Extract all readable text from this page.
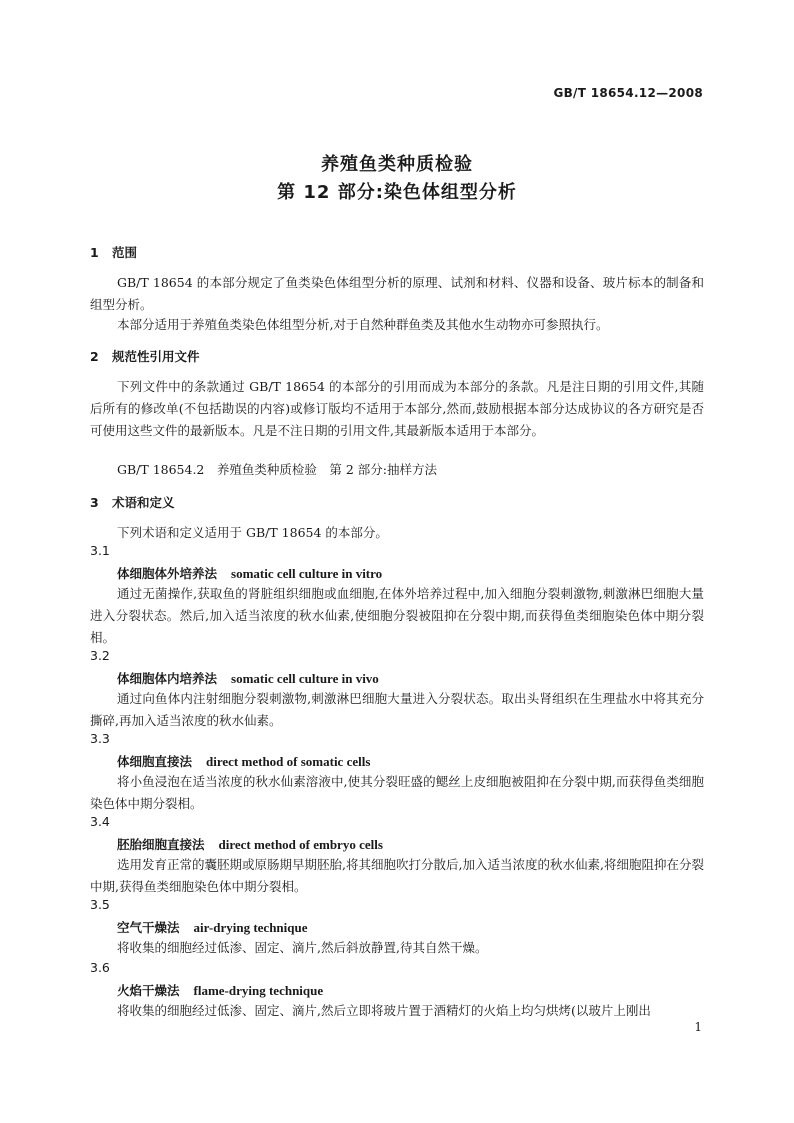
GB/T 18654.12—2008
养殖鱼类种质检验
第 12 部分:染色体组型分析
1 范围
GB/T 18654 的本部分规定了鱼类染色体组型分析的原理、试剂和材料、仪器和设备、玻片标本的制备和组型分析。
本部分适用于养殖鱼类染色体组型分析,对于自然种群鱼类及其他水生动物亦可参照执行。
2 规范性引用文件
下列文件中的条款通过 GB/T 18654 的本部分的引用而成为本部分的条款。凡是注日期的引用文件,其随后所有的修改单(不包括勘误的内容)或修订版均不适用于本部分,然而,鼓励根据本部分达成协议的各方研究是否可使用这些文件的最新版本。凡是不注日期的引用文件,其最新版本适用于本部分。
GB/T 18654.2　养殖鱼类种质检验　第 2 部分:抽样方法
3 术语和定义
下列术语和定义适用于 GB/T 18654 的本部分。
3.1
体细胞体外培养法 somatic cell culture in vitro
通过无菌操作,获取鱼的肾脏组织细胞或血细胞,在体外培养过程中,加入细胞分裂刺激物,刺激淋巴细胞大量进入分裂状态。然后,加入适当浓度的秋水仙素,使细胞分裂被阻抑在分裂中期,而获得鱼类细胞染色体中期分裂相。
3.2
体细胞体内培养法 somatic cell culture in vivo
通过向鱼体内注射细胞分裂刺激物,刺激淋巴细胞大量进入分裂状态。取出头肾组织在生理盐水中将其充分撕碎,再加入适当浓度的秋水仙素。
3.3
体细胞直接法 direct method of somatic cells
将小鱼浸泡在适当浓度的秋水仙素溶液中,使其分裂旺盛的鳃丝上皮细胞被阻抑在分裂中期,而获得鱼类细胞染色体中期分裂相。
3.4
胚胎细胞直接法 direct method of embryo cells
选用发育正常的囊胚期或原肠期早期胚胎,将其细胞吹打分散后,加入适当浓度的秋水仙素,将细胞阻抑在分裂中期,获得鱼类细胞染色体中期分裂相。
3.5
空气干燥法 air-drying technique
将收集的细胞经过低渗、固定、滴片,然后斜放静置,待其自然干燥。
3.6
火焰干燥法 flame-drying technique
将收集的细胞经过低渗、固定、滴片,然后立即将玻片置于酒精灯的火焰上均匀烘烤(以玻片上刚出
1
